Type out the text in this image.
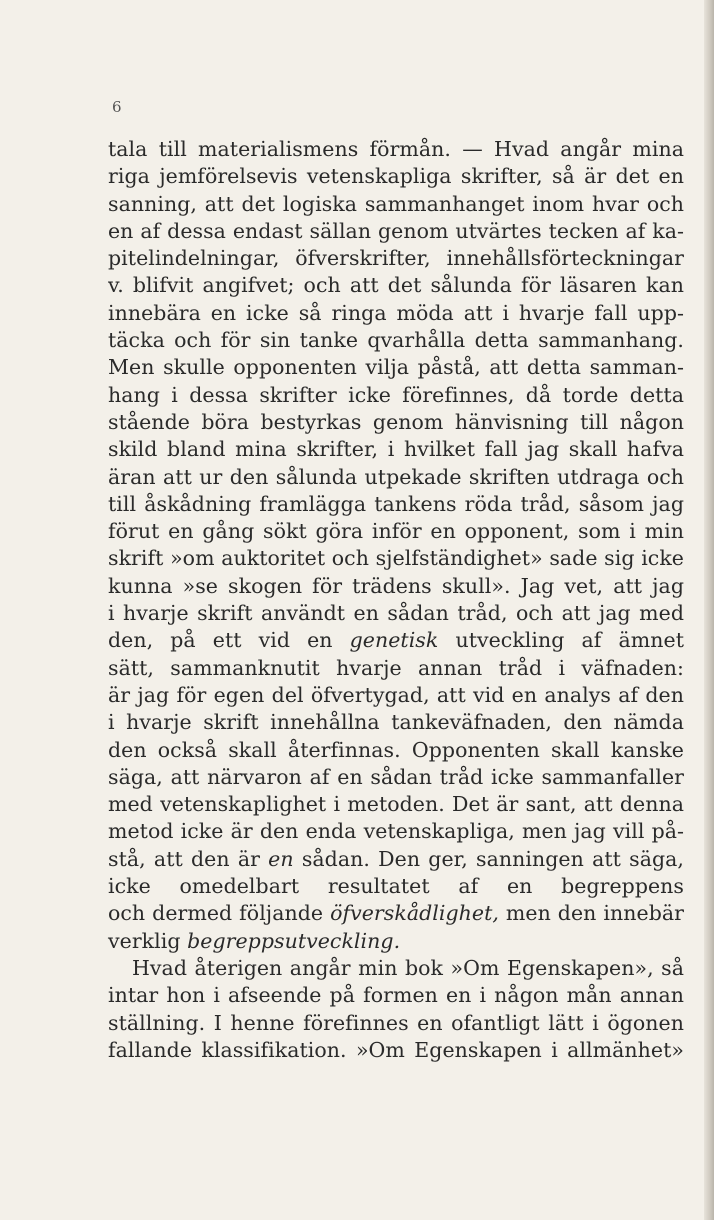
6
tala till materialismens förmån. — Hvad angår mina
riga jemförelsevis vetenskapliga skrifter, så är det en
sanning, att det logiska sammanhanget inom hvar och
en af dessa endast sällan genom utvärtes tecken af ka-
pitelindelningar, öfverskrifter, innehållsförteckningar
v. blifvit angifvet; och att det sålunda för läsaren kan
innebära en icke så ringa möda att i hvarje fall upp-
täcka och för sin tanke qvarhålla detta sammanhang.
Men skulle opponenten vilja påstå, att detta samman-
hang i dessa skrifter icke förefinnes, då torde detta
stående böra bestyrkas genom hänvisning till någon
skild bland mina skrifter, i hvilket fall jag skall hafva
äran att ur den sålunda utpekade skriften utdraga och
till åskådning framlägga tankens röda tråd, såsom jag
förut en gång sökt göra inför en opponent, som i min
skrift »om auktoritet och sjelfständighet» sade sig icke
kunna »se skogen för trädens skull». Jag vet, att jag
i hvarje skrift användt en sådan tråd, och att jag med
den, på ett vid en genetisk utveckling af ämnet
sätt, sammanknutit hvarje annan tråd i väfnaden:
är jag för egen del öfvertygad, att vid en analys af den
i hvarje skrift innehållna tankeväfnaden, den nämda
den också skall återfinnas. Opponenten skall kanske
säga, att närvaron af en sådan tråd icke sammanfaller
med vetenskaplighet i metoden. Det är sant, att denna
metod icke är den enda vetenskapliga, men jag vill på-
stå, att den är en sådan. Den ger, sanningen att säga,
icke omedelbart resultatet af en begreppens
och dermed följande öfverskådlighet, men den innebär
verklig begreppsutveckling.
Hvad återigen angår min bok »Om Egenskapen», så
intar hon i afseende på formen en i någon mån annan
ställning. I henne förefinnes en ofantligt lätt i ögonen
fallande klassifikation. »Om Egenskapen i allmänhet»
